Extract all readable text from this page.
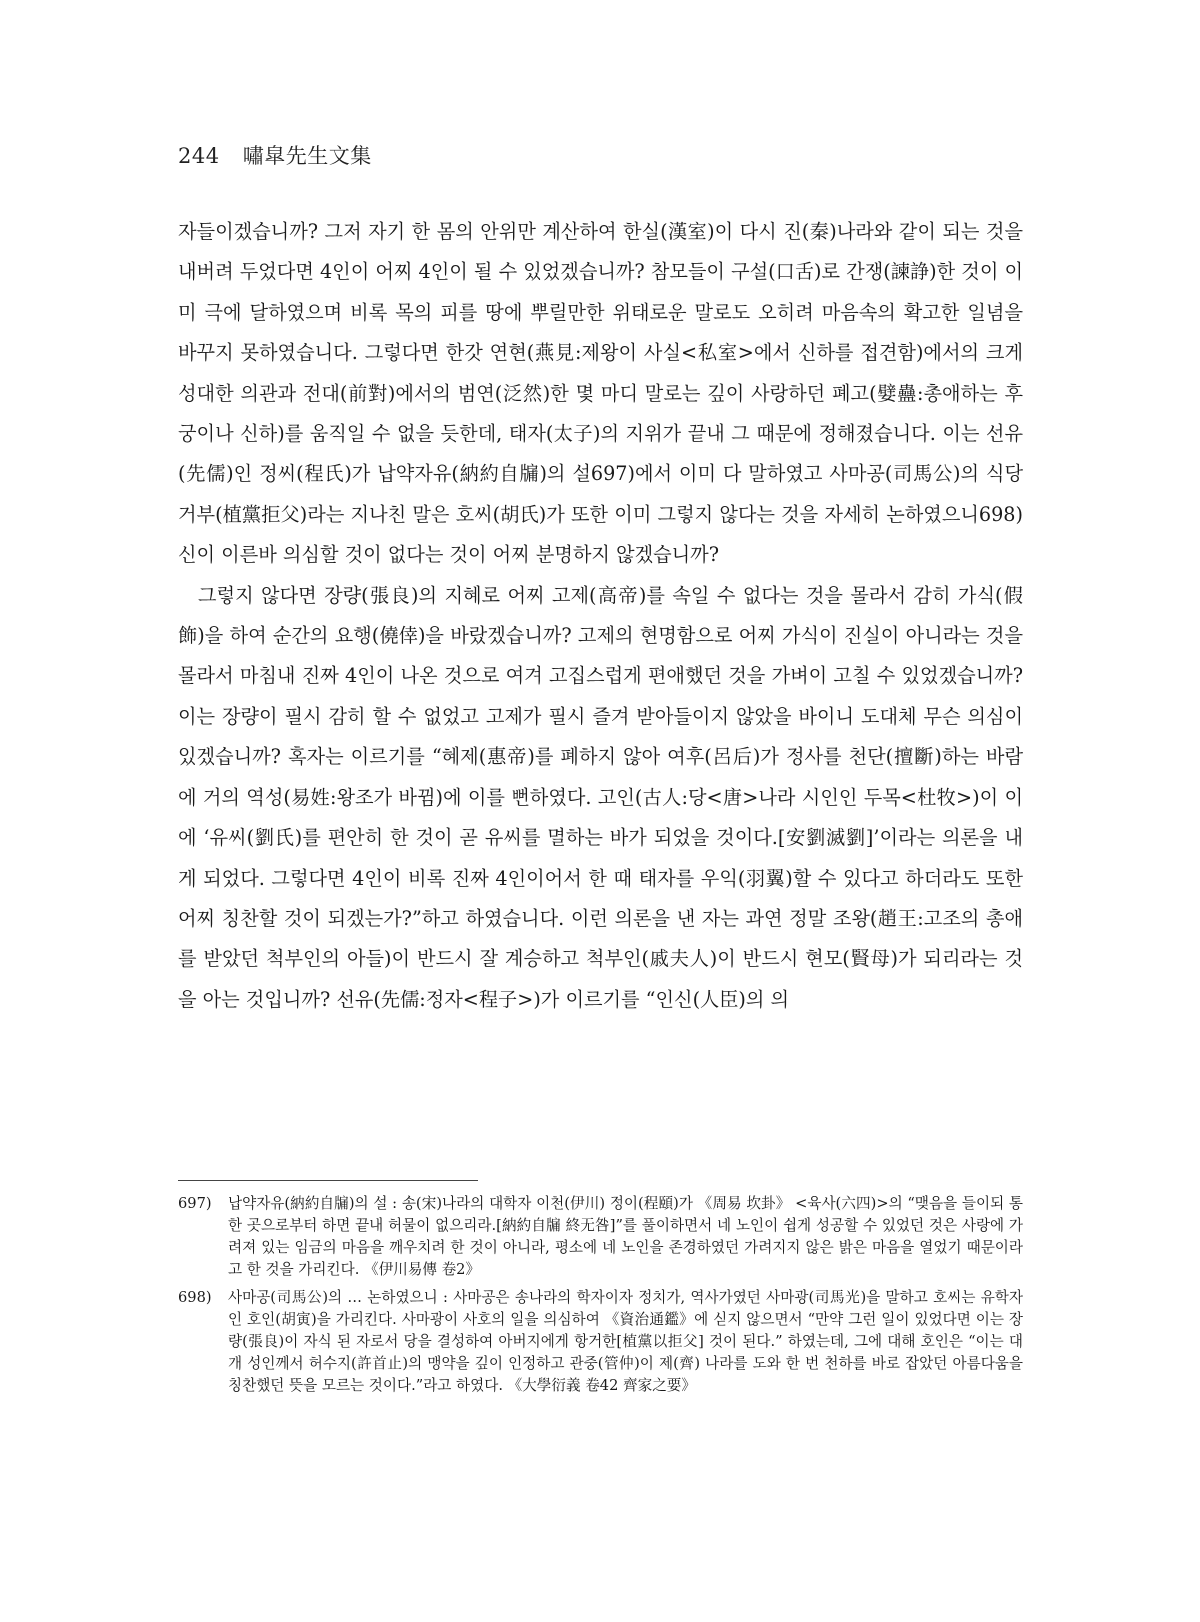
244 嘯皐先生文集

자들이겠습니까? 그저 자기 한 몸의 안위만 계산하여 한실(漢室)이 다시 진(秦)나라와 같이 되는 것을 내버려 두었다면 4인이 어찌 4인이 될 수 있었겠습니까? 참모들이 구설(口舌)로 간쟁(諫諍)한 것이 이미 극에 달하였으며 비록 목의 피를 땅에 뿌릴만한 위태로운 말로도 오히려 마음속의 확고한 일념을 바꾸지 못하였습니다. 그렇다면 한갓 연현(燕見:제왕이 사실<私室>에서 신하를 접견함)에서의 크게 성대한 의관과 전대(前對)에서의 범연(泛然)한 몇 마디 말로는 깊이 사랑하던 폐고(嬖蠱:총애하는 후궁이나 신하)를 움직일 수 없을 듯한데, 태자(太子)의 지위가 끝내 그 때문에 정해졌습니다. 이는 선유(先儒)인 정씨(程氏)가 납약자유(納約自牖)의 설697)에서 이미 다 말하였고 사마공(司馬公)의 식당거부(植黨拒父)라는 지나친 말은 호씨(胡氏)가 또한 이미 그렇지 않다는 것을 자세히 논하였으니698) 신이 이른바 의심할 것이 없다는 것이 어찌 분명하지 않겠습니까?

그렇지 않다면 장량(張良)의 지혜로 어찌 고제(高帝)를 속일 수 없다는 것을 몰라서 감히 가식(假飾)을 하여 순간의 요행(僥倖)을 바랐겠습니까? 고제의 현명함으로 어찌 가식이 진실이 아니라는 것을 몰라서 마침내 진짜 4인이 나온 것으로 여겨 고집스럽게 편애했던 것을 가벼이 고칠 수 있었겠습니까? 이는 장량이 필시 감히 할 수 없었고 고제가 필시 즐겨 받아들이지 않았을 바이니 도대체 무슨 의심이 있겠습니까? 혹자는 이르기를 “혜제(惠帝)를 폐하지 않아 여후(呂后)가 정사를 천단(擅斷)하는 바람에 거의 역성(易姓:왕조가 바뀜)에 이를 뻔하였다. 고인(古人:당<唐>나라 시인인 두목<杜牧>)이 이에 ‘유씨(劉氏)를 편안히 한 것이 곧 유씨를 멸하는 바가 되었을 것이다.[安劉滅劉]’이라는 의론을 내게 되었다. 그렇다면 4인이 비록 진짜 4인이어서 한 때 태자를 우익(羽翼)할 수 있다고 하더라도 또한 어찌 칭찬할 것이 되겠는가?”하고 하였습니다. 이런 의론을 낸 자는 과연 정말 조왕(趙王:고조의 총애를 받았던 척부인의 아들)이 반드시 잘 계승하고 척부인(戚夫人)이 반드시 현모(賢母)가 되리라는 것을 아는 것입니까? 선유(先儒:정자<程子>)가 이르기를 “인신(人臣)의 의

697)	납약자유(納約自牖)의 설 : 송(宋)나라의 대학자 이천(伊川) 정이(程頤)가 《周易 坎卦》 <육사(六四)>의 “맺음을 들이되 통한 곳으로부터 하면 끝내 허물이 없으리라.[納約自牖 終无咎]”를 풀이하면서 네 노인이 쉽게 성공할 수 있었던 것은 사랑에 가려져 있는 임금의 마음을 깨우치려 한 것이 아니라, 평소에 네 노인을 존경하였던 가려지지 않은 밝은 마음을 열었기 때문이라고 한 것을 가리킨다. 《伊川易傳 卷2》
698)	사마공(司馬公)의 … 논하였으니 : 사마공은 송나라의 학자이자 정치가, 역사가였던 사마광(司馬光)을 말하고 호씨는 유학자인 호인(胡寅)을 가리킨다. 사마광이 사호의 일을 의심하여 《資治通鑑》에 싣지 않으면서 “만약 그런 일이 있었다면 이는 장량(張良)이 자식 된 자로서 당을 결성하여 아버지에게 항거한[植黨以拒父] 것이 된다.” 하였는데, 그에 대해 호인은 “이는 대개 성인께서 허수지(許首止)의 맹약을 깊이 인정하고 관중(管仲)이 제(齊) 나라를 도와 한 번 천하를 바로 잡았던 아름다움을 칭찬했던 뜻을 모르는 것이다.”라고 하였다. 《大學衍義 卷42 齊家之要》
